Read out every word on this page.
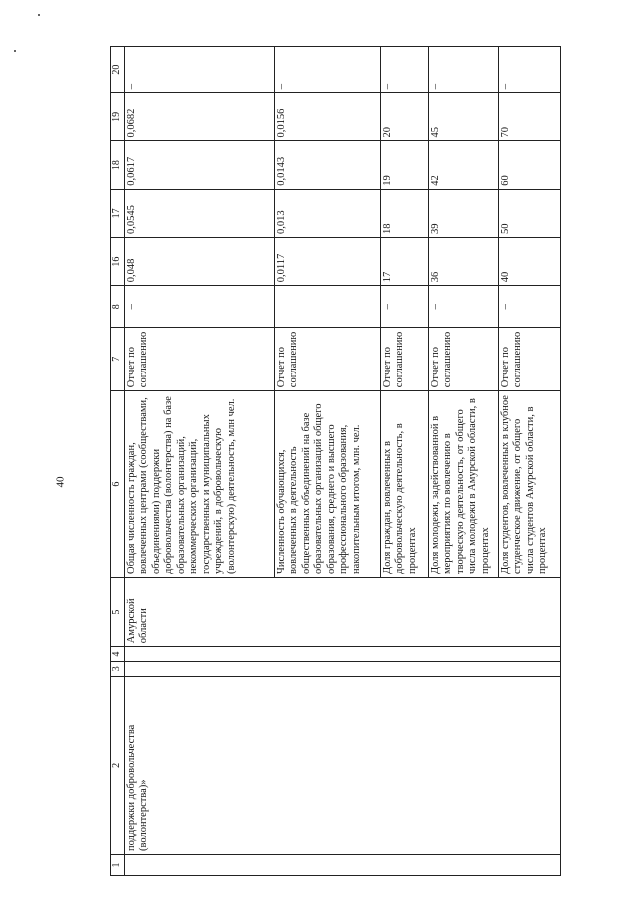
40
1	2	3	4	5	6	7	8	16	17	18	19	20
	поддержки добровольчества (волонтерства)»			Амурской области	Общая численность граждан, вовлеченных центрами (сообществами, объединениями) поддержки добровольчества (волонтерства) на базе образовательных организаций, некоммерческих организаций, государственных и муниципальных учреждений, в добровольческую (волонтерскую) деятельность, млн чел.	Отчет по соглашению	–	0,048	0,0545	0,0617	0,0682	–
					Численность обучающихся, вовлеченных в деятельность общественных объединений на базе образовательных организаций общего образования, среднего и высшего профессионального образования, накопительным итогом, млн. чел.	Отчет по соглашению		0,0117	0,013	0,0143	0,0156	–
					Доля граждан, вовлеченных в добровольческую деятельность, в процентах	Отчет по соглашению	–	17	18	19	20	–
					Доля молодежи, задействованной в мероприятиях по вовлечению в творческую деятельность, от общего числа молодежи в Амурской области, в процентах	Отчет по соглашению	–	36	39	42	45	–
					Доля студентов, вовлеченных в клубное студенческое движение, от общего числа студентов Амурской области, в процентах	Отчет по соглашению	–	40	50	60	70	–
